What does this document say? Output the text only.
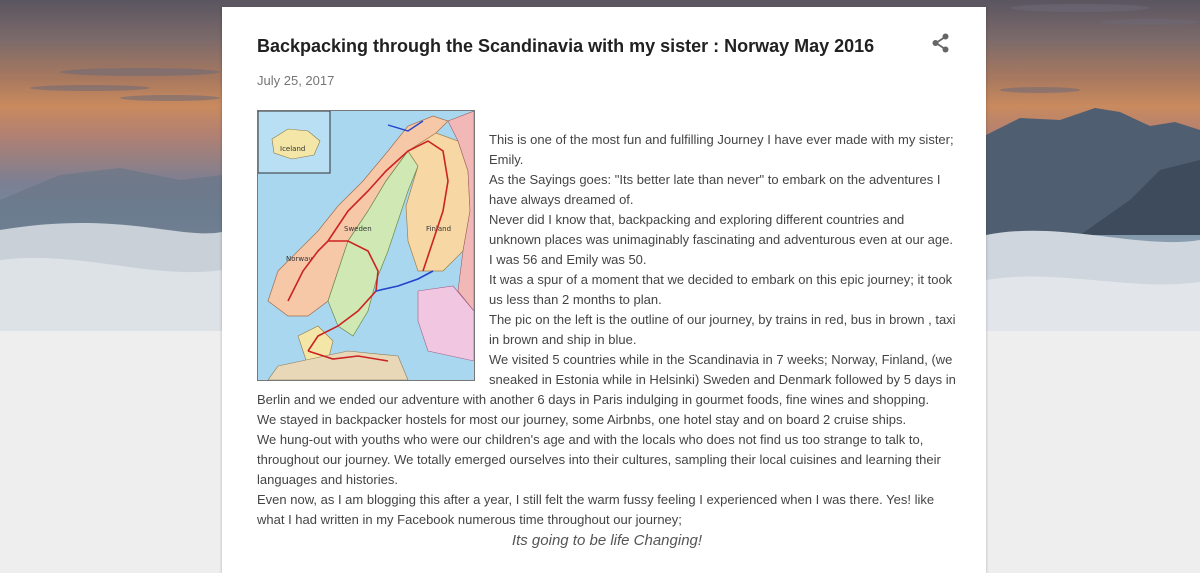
Backpacking through the Scandinavia with my sister : Norway May 2016
July 25, 2017
Iceland
Sweden
Norway
Finland

This is one of the most fun and fulfilling Journey I have ever made with my sister; Emily.

As the Sayings goes: "Its better late than never" to embark on the adventures I have always dreamed of.

Never did I know that, backpacking and exploring different countries and unknown places was unimaginably fascinating and adventurous even at our age. I was 56 and Emily was 50.

It was a spur of a moment that we decided to embark on this epic journey; it took us less than 2 months to plan.

The pic on the left is the outline of our journey, by trains in red, bus in brown , taxi in brown and ship in blue.

We visited 5 countries while in the Scandinavia in 7 weeks; Norway, Finland, (we sneaked in Estonia while in Helsinki) Sweden and Denmark followed by 5 days in Berlin and we ended our adventure with another 6 days in Paris indulging in gourmet foods, fine wines and shopping.

We stayed in backpacker hostels for most our journey, some Airbnbs, one hotel stay and on board 2 cruise ships.

We hung-out with youths who were our children's age and with the locals who does not find us too strange to talk to, throughout our journey. We totally emerged ourselves into their cultures, sampling their local cuisines and learning their languages and histories.

Even now, as I am blogging this after a year, I still felt the warm fussy feeling I experienced when I was there. Yes! like what I had written in my Facebook numerous time throughout our journey;

Its going to be life Changing!
